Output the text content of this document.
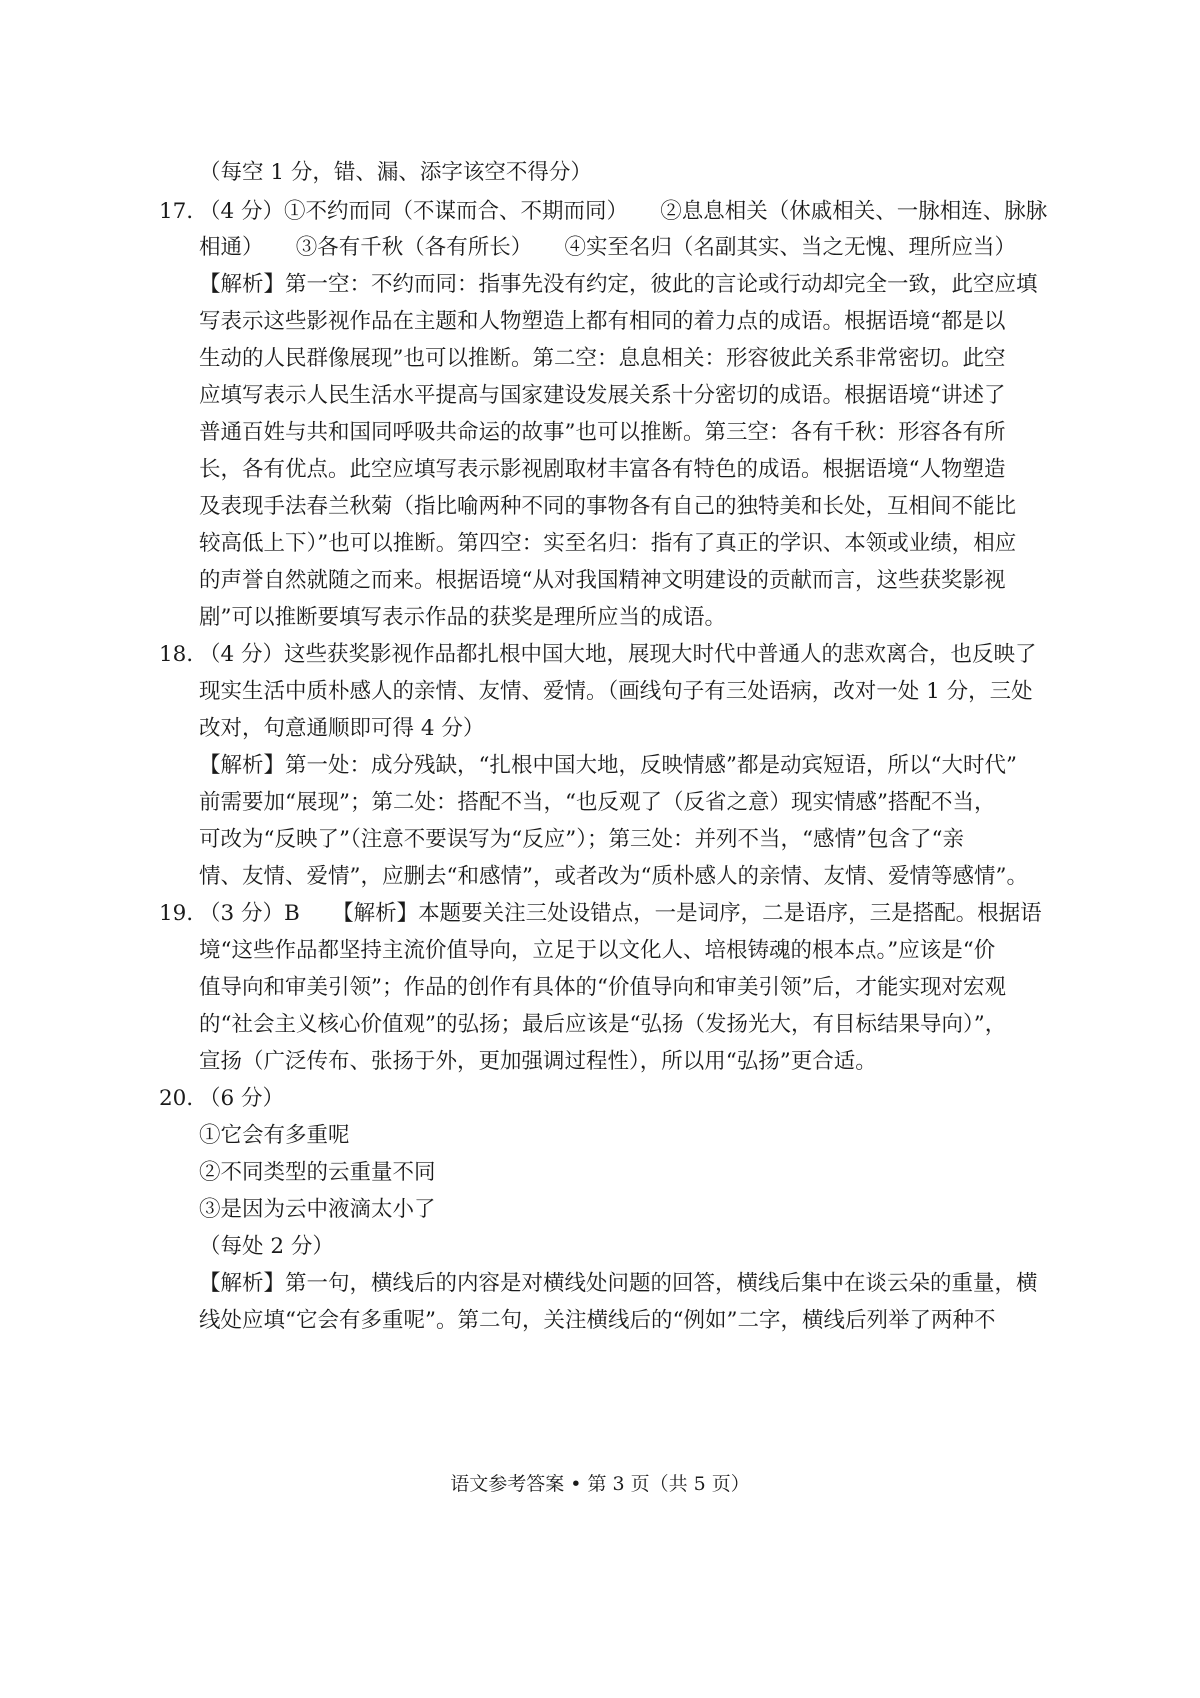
（每空 1 分，错、漏、添字该空不得分）
17．
（4 分）①不约而同（不谋而合、不期而同）　　②息息相关（休戚相关、一脉相连、脉脉
相通）　　③各有千秋（各有所长）　　④实至名归（名副其实、当之无愧、理所应当）
【解析】第一空：不约而同：指事先没有约定，彼此的言论或行动却完全一致，此空应填
写表示这些影视作品在主题和人物塑造上都有相同的着力点的成语。根据语境“都是以
生动的人民群像展现”也可以推断。第二空：息息相关：形容彼此关系非常密切。此空
应填写表示人民生活水平提高与国家建设发展关系十分密切的成语。根据语境“讲述了
普通百姓与共和国同呼吸共命运的故事”也可以推断。第三空：各有千秋：形容各有所
长，各有优点。此空应填写表示影视剧取材丰富各有特色的成语。根据语境“人物塑造
及表现手法春兰秋菊（指比喻两种不同的事物各有自己的独特美和长处，互相间不能比
较高低上下）”也可以推断。第四空：实至名归：指有了真正的学识、本领或业绩，相应
的声誉自然就随之而来。根据语境“从对我国精神文明建设的贡献而言，这些获奖影视
剧”可以推断要填写表示作品的获奖是理所应当的成语。
18．
（4 分）这些获奖影视作品都扎根中国大地，展现大时代中普通人的悲欢离合，也反映了
现实生活中质朴感人的亲情、友情、爱情。（画线句子有三处语病，改对一处 1 分，三处
改对，句意通顺即可得 4 分）
【解析】第一处：成分残缺，“扎根中国大地，反映情感”都是动宾短语，所以“大时代”
前需要加“展现”；第二处：搭配不当，“也反观了（反省之意）现实情感”搭配不当，
可改为“反映了”（注意不要误写为“反应”）；第三处：并列不当，“感情”包含了“亲
情、友情、爱情”，应删去“和感情”，或者改为“质朴感人的亲情、友情、爱情等感情”。
19．
（3 分）B　　【解析】本题要关注三处设错点，一是词序，二是语序，三是搭配。根据语
境“这些作品都坚持主流价值导向，立足于以文化人、培根铸魂的根本点。”应该是“价
值导向和审美引领”；作品的创作有具体的“价值导向和审美引领”后，才能实现对宏观
的“社会主义核心价值观”的弘扬；最后应该是“弘扬（发扬光大，有目标结果导向）”，
宣扬（广泛传布、张扬于外，更加强调过程性），所以用“弘扬”更合适。
20．
（6 分）
①它会有多重呢
②不同类型的云重量不同
③是因为云中液滴太小了
（每处 2 分）
【解析】第一句，横线后的内容是对横线处问题的回答，横线后集中在谈云朵的重量，横
线处应填“它会有多重呢”。第二句，关注横线后的“例如”二字，横线后列举了两种不
语文参考答案 • 第 3 页（共 5 页）
